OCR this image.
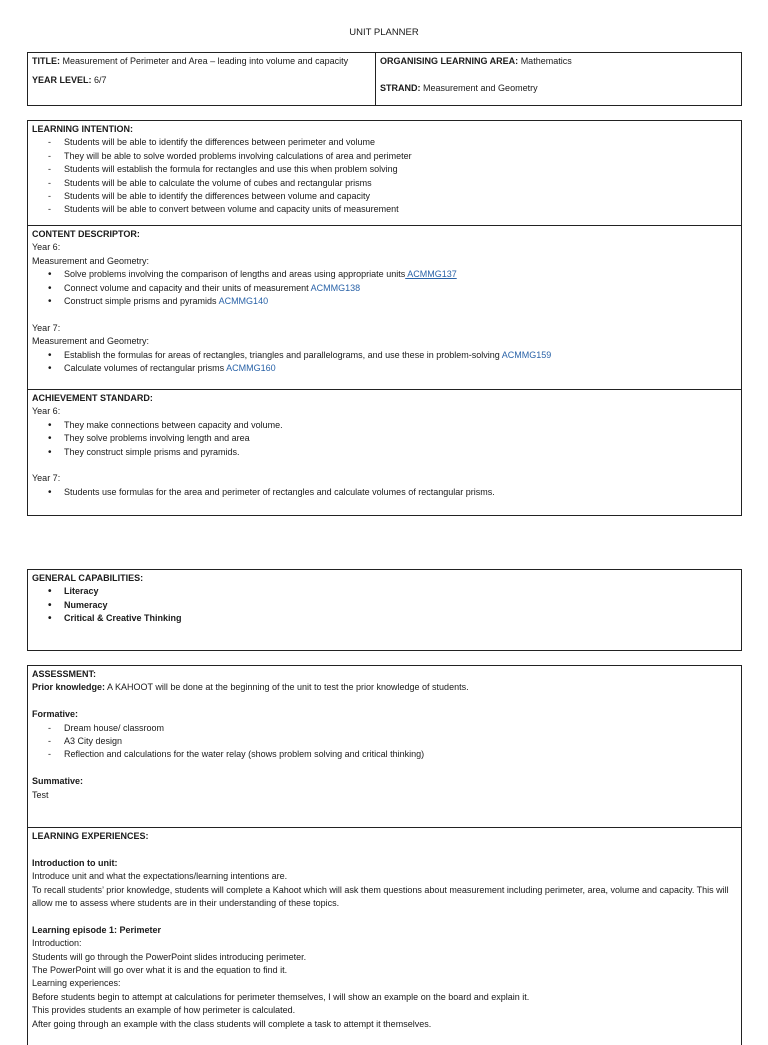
UNIT PLANNER
TITLE: Measurement of Perimeter and Area – leading into volume and capacity
YEAR LEVEL: 6/7
ORGANISING LEARNING AREA: Mathematics
STRAND: Measurement and Geometry
LEARNING INTENTION:
- Students will be able to identify the differences between perimeter and volume
- They will be able to solve worded problems involving calculations of area and perimeter
- Students will establish the formula for rectangles and use this when problem solving
- Students will be able to calculate the volume of cubes and rectangular prisms
- Students will be able to identify the differences between volume and capacity
- Students will be able to convert between volume and capacity units of measurement
CONTENT DESCRIPTOR:
Year 6:
Measurement and Geometry:
• Solve problems involving the comparison of lengths and areas using appropriate units ACMMG137
• Connect volume and capacity and their units of measurement ACMMG138
• Construct simple prisms and pyramids ACMMG140
Year 7:
Measurement and Geometry:
• Establish the formulas for areas of rectangles, triangles and parallelograms, and use these in problem-solving ACMMG159
• Calculate volumes of rectangular prisms ACMMG160
ACHIEVEMENT STANDARD:
Year 6:
• They make connections between capacity and volume.
• They solve problems involving length and area
• They construct simple prisms and pyramids.
Year 7:
• Students use formulas for the area and perimeter of rectangles and calculate volumes of rectangular prisms.
GENERAL CAPABILITIES:
• Literacy
• Numeracy
• Critical & Creative Thinking
ASSESSMENT:
Prior knowledge: A KAHOOT will be done at the beginning of the unit to test the prior knowledge of students.
Formative:
- Dream house/ classroom
- A3 City design
- Reflection and calculations for the water relay (shows problem solving and critical thinking)
Summative:
Test
LEARNING EXPERIENCES:
Introduction to unit:
Introduce unit and what the expectations/learning intentions are.
To recall students’ prior knowledge, students will complete a Kahoot which will ask them questions about measurement including perimeter, area, volume and capacity. This will allow me to assess where students are in their understanding of these topics.
Learning episode 1: Perimeter
Introduction:
Students will go through the PowerPoint slides introducing perimeter.
The PowerPoint will go over what it is and the equation to find it.
Learning experiences:
Before students begin to attempt at calculations for perimeter themselves, I will show an example on the board and explain it.
This provides students an example of how perimeter is calculated.
After going through an example with the class students will complete a task to attempt it themselves.
